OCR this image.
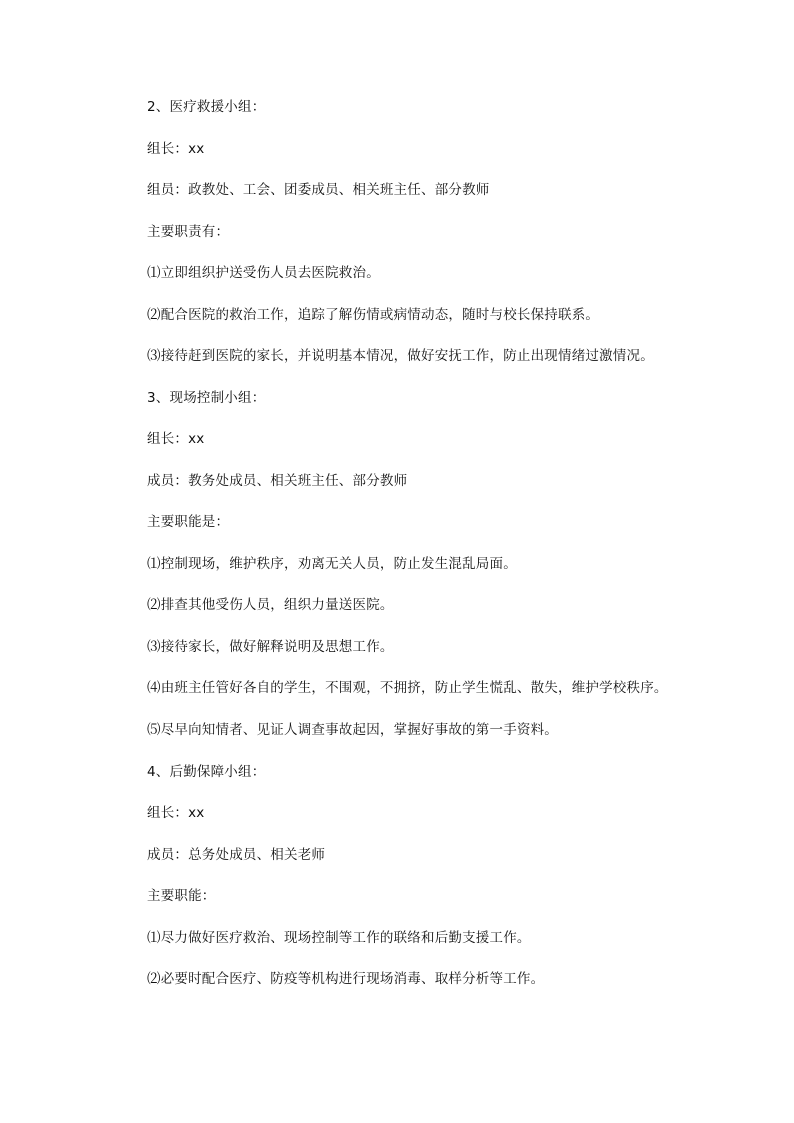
2、医疗救援小组：
组长：xx
组员：政教处、工会、团委成员、相关班主任、部分教师
主要职责有：
⑴立即组织护送受伤人员去医院救治。
⑵配合医院的救治工作，追踪了解伤情或病情动态，随时与校长保持联系。
⑶接待赶到医院的家长，并说明基本情况，做好安抚工作，防止出现情绪过激情况。
3、现场控制小组：
组长：xx
成员：教务处成员、相关班主任、部分教师
主要职能是：
⑴控制现场，维护秩序，劝离无关人员，防止发生混乱局面。
⑵排查其他受伤人员，组织力量送医院。
⑶接待家长，做好解释说明及思想工作。
⑷由班主任管好各自的学生，不围观，不拥挤，防止学生慌乱、散失，维护学校秩序。
⑸尽早向知情者、见证人调查事故起因，掌握好事故的第一手资料。
4、后勤保障小组：
组长：xx
成员：总务处成员、相关老师
主要职能：
⑴尽力做好医疗救治、现场控制等工作的联络和后勤支援工作。
⑵必要时配合医疗、防疫等机构进行现场消毒、取样分析等工作。
